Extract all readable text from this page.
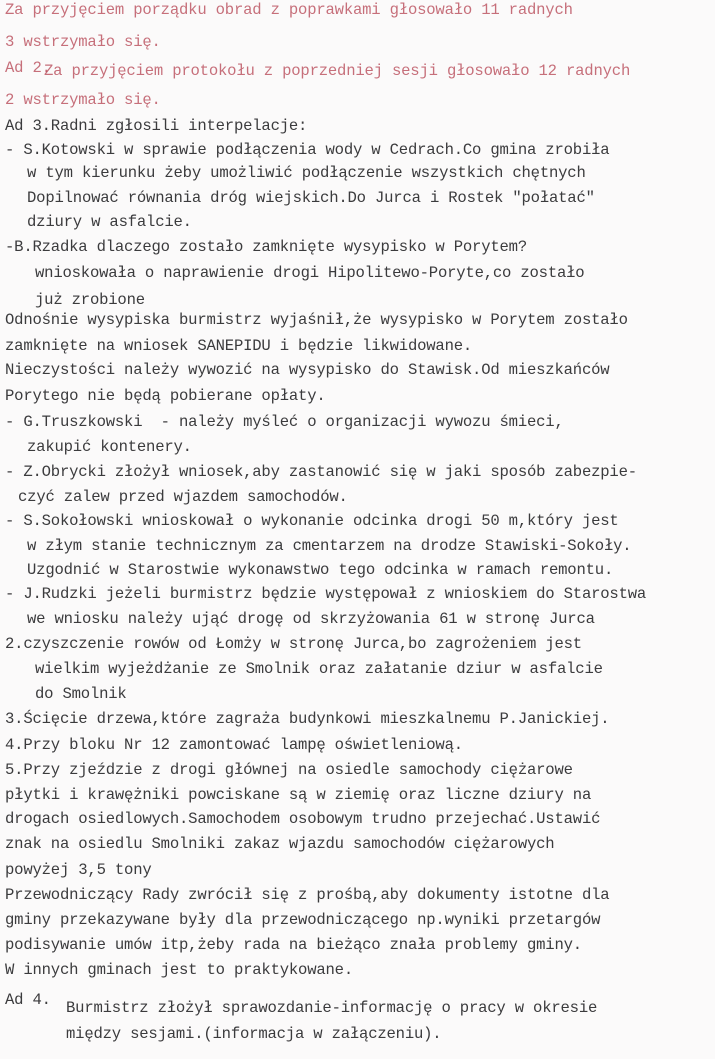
Za przyjęciem porządku obrad z poprawkami głosowało 11 radnych
3 wstrzymało się.
Ad 2.
Za przyjęciem protokołu z poprzedniej sesji głosowało 12 radnych
2 wstrzymało się.
Ad 3.Radni zgłosili interpelacje:
- S.Kotowski w sprawie podłączenia wody w Cedrach.Co gmina zrobiła
w tym kierunku żeby umożliwić podłączenie wszystkich chętnych
Dopilnować równania dróg wiejskich.Do Jurca i Rostek "połatać"
dziury w asfalcie.
-B.Rzadka dlaczego zostało zamknięte wysypisko w Porytem?
wnioskowała o naprawienie drogi Hipolitewo-Poryte,co zostało
już zrobione
Odnośnie wysypiska burmistrz wyjaśnił,że wysypisko w Porytem zostało
zamknięte na wniosek SANEPIDU i będzie likwidowane.
Nieczystości należy wywozić na wysypisko do Stawisk.Od mieszkańców
Porytego nie będą pobierane opłaty.
- G.Truszkowski  - należy myśleć o organizacji wywozu śmieci,
zakupić kontenery.
- Z.Obrycki złożył wniosek,aby zastanowić się w jaki sposób zabezpie-
czyć zalew przed wjazdem samochodów.
- S.Sokołowski wnioskował o wykonanie odcinka drogi 50 m,który jest
w złym stanie technicznym za cmentarzem na drodze Stawiski-Sokoły.
Uzgodnić w Starostwie wykonawstwo tego odcinka w ramach remontu.
- J.Rudzki jeżeli burmistrz będzie występował z wnioskiem do Starostwa
we wniosku należy ująć drogę od skrzyżowania 61 w stronę Jurca
2.czyszczenie rowów od Łomży w stronę Jurca,bo zagrożeniem jest
wielkim wyjeżdżanie ze Smolnik oraz załatanie dziur w asfalcie
do Smolnik
3.Ścięcie drzewa,które zagraża budynkowi mieszkalnemu P.Janickiej.
4.Przy bloku Nr 12 zamontować lampę oświetleniową.
5.Przy zjeździe z drogi głównej na osiedle samochody ciężarowe
płytki i krawężniki powciskane są w ziemię oraz liczne dziury na
drogach osiedlowych.Samochodem osobowym trudno przejechać.Ustawić
znak na osiedlu Smolniki zakaz wjazdu samochodów ciężarowych
powyżej 3,5 tony
Przewodniczący Rady zwrócił się z prośbą,aby dokumenty istotne dla
gminy przekazywane były dla przewodniczącego np.wyniki przetargów
podisywanie umów itp,żeby rada na bieżąco znała problemy gminy.
W innych gminach jest to praktykowane.
Ad 4. Burmistrz złożył sprawozdanie-informację o pracy w okresie
między sesjami.(informacja w załączeniu).
